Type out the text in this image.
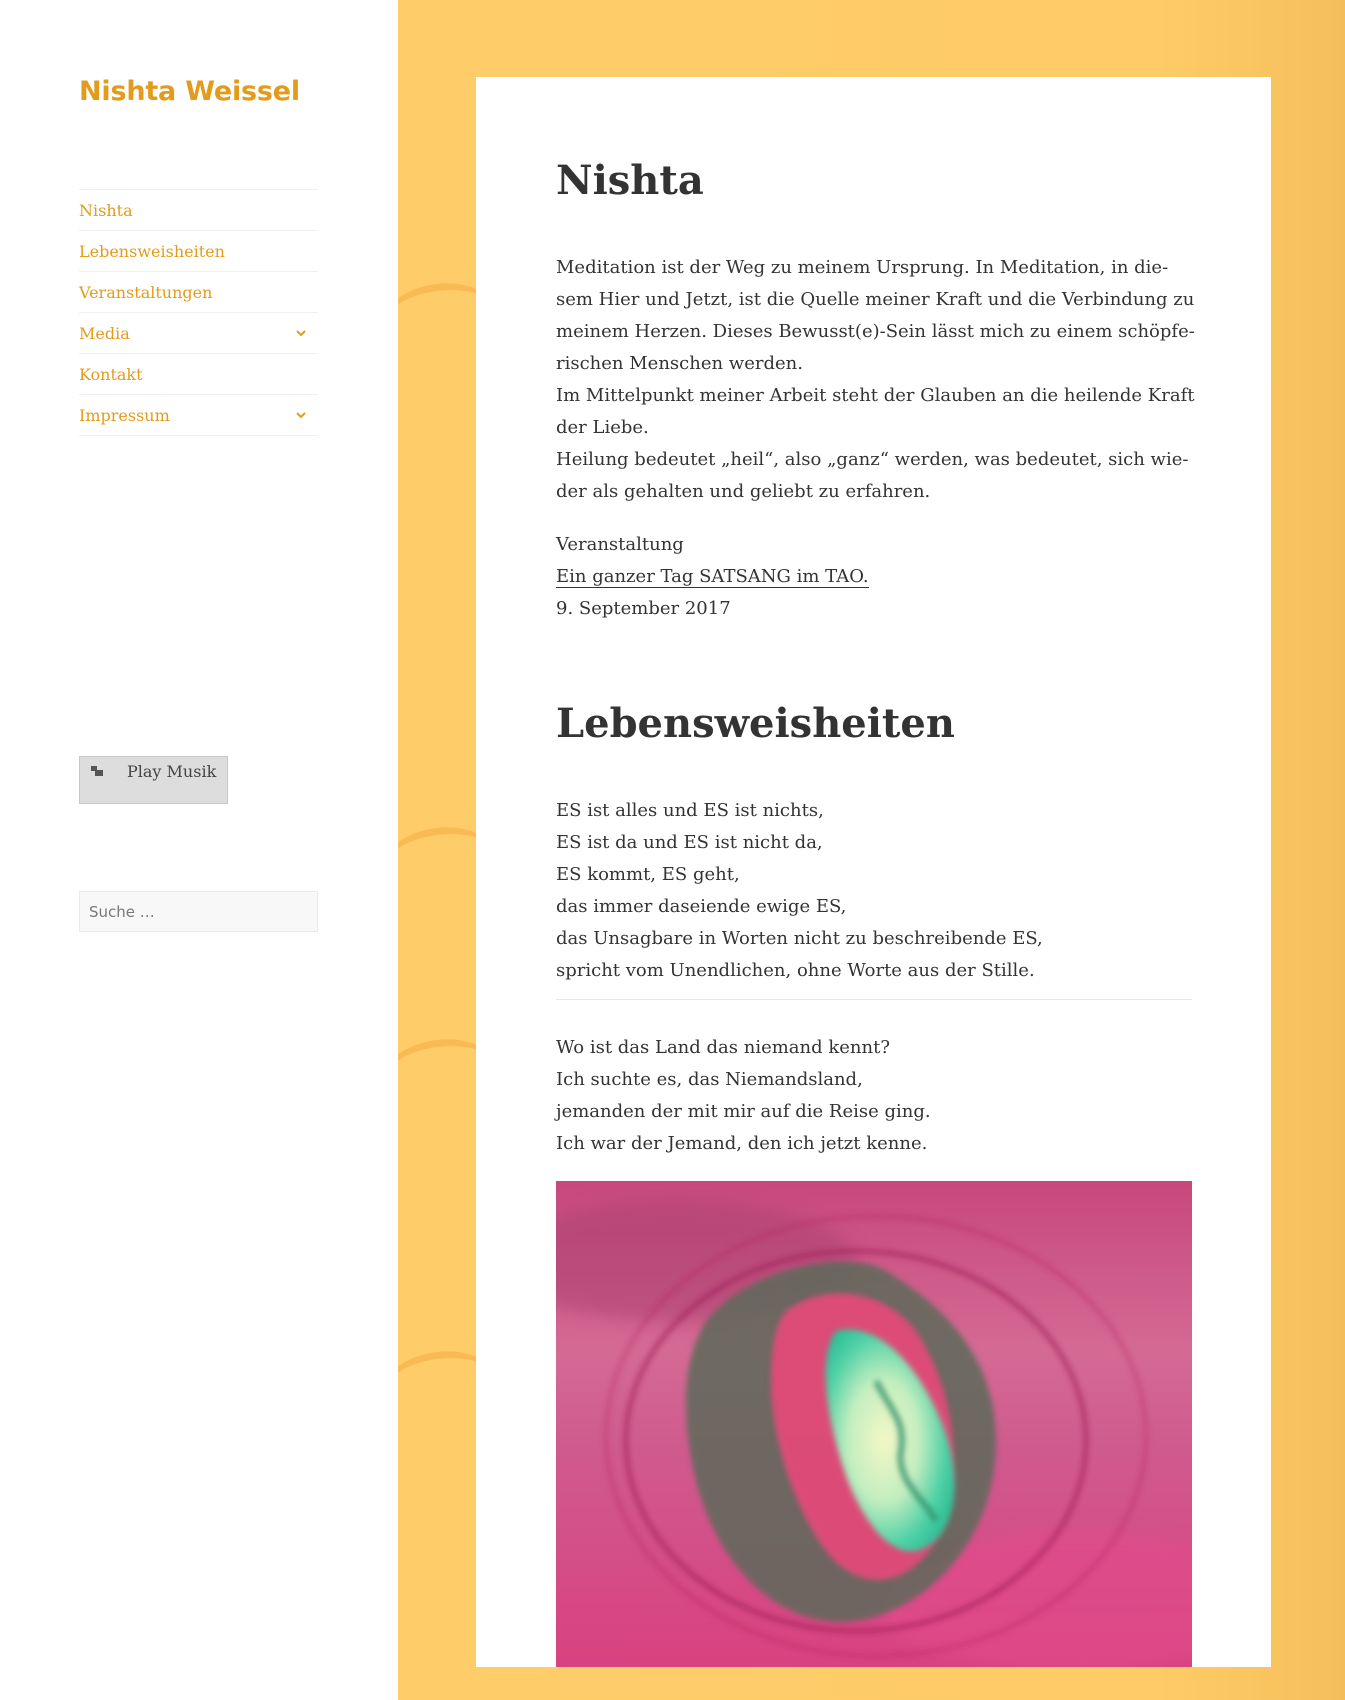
Nishta Weissel
Nishta
Lebensweisheiten
Veranstaltungen
Media
Kontakt
Impressum
Play Musik
Suche …
Nishta

Meditation ist der Weg zu meinem Ursprung. In Meditation, in die-

sem Hier und Jetzt, ist die Quelle meiner Kraft und die Verbindung zu

meinem Herzen. Dieses Bewusst(e)-Sein lässt mich zu einem schöpfe-

rischen Menschen werden.

Im Mittelpunkt meiner Arbeit steht der Glauben an die heilende Kraft

der Liebe.

Heilung bedeutet „heil“, also „ganz“ werden, was bedeutet, sich wie-

der als gehalten und geliebt zu erfahren.

Veranstaltung

Ein ganzer Tag SATSANG im TAO.

9. September 2017

Lebensweisheiten

ES ist alles und ES ist nichts,

ES ist da und ES ist nicht da,

ES kommt, ES geht,

das immer daseiende ewige ES,

das Unsagbare in Worten nicht zu beschreibende ES,

spricht vom Unendlichen, ohne Worte aus der Stille.

Wo ist das Land das niemand kennt?

Ich suchte es, das Niemandsland,

jemanden der mit mir auf die Reise ging.

Ich war der Jemand, den ich jetzt kenne.
